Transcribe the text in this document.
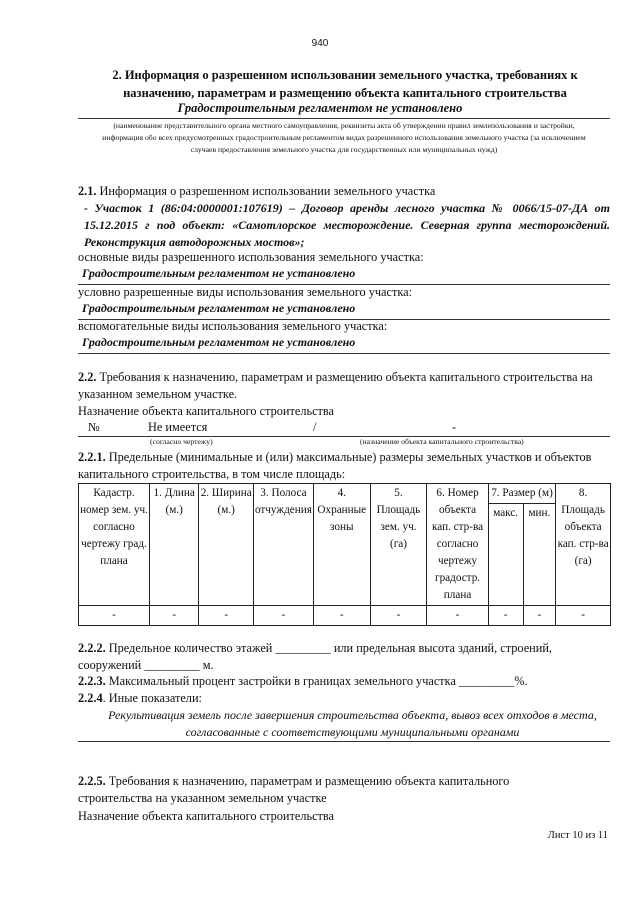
940
2. Информация о разрешенном использовании земельного участка, требованиях к назначению, параметрам и размещению объекта капитального строительства
Градостроительным регламентом не установлено
(наименование представительного органа местного самоуправления, реквизиты акта об утверждении правил землепользования и застройки, информация обо всех предусмотренных градостроительным регламентом видах разрешенного использования земельного участка (за исключением случаев предоставления земельного участка для государственных или муниципальных нужд)
2.1. Информация о разрешенном использовании земельного участка
- Участок 1 (86:04:0000001:107619) – Договор аренды лесного участка № 0066/15-07-ДА от 15.12.2015 г под объект: «Самотлорское месторождение. Северная группа месторождений. Реконструкция автодорожных мостов»;
основные виды разрешенного использования земельного участка:
Градостроительным регламентом не установлено
условно разрешенные виды использования земельного участка:
Градостроительным регламентом не установлено
вспомогательные виды использования земельного участка:
Градостроительным регламентом не установлено
2.2. Требования к назначению, параметрам и размещению объекта капитального строительства на указанном земельном участке.
Назначение объекта капитального строительства
№	Не имеется	/	-
(согласно чертежу)	(назначение объекта капитального строительства)
2.2.1. Предельные (минимальные и (или) максимальные) размеры земельных участков и объектов капитального строительства, в том числе площадь:
Кадастр. номер зем. уч. согласно чертежу град. плана	1. Длина (м.)	2. Ширина (м.)	3. Полоса отчуждения	4. Охранные зоны	5. Площадь зем. уч. (га)	6. Номер объекта кап. стр-ва согласно чертежу градостр. плана	7. Размер (м)		8. Площадь объекта кап. стр-ва (га)
							макс.	мин.	
-	-	-	-	-	-	-	-	-	-
2.2.2. Предельное количество этажей _________ или предельная высота зданий, строений, сооружений _________ м.
2.2.3. Максимальный процент застройки в границах земельного участка _________%.
2.2.4. Иные показатели:
Рекультивация земель после завершения строительства объекта, вывоз всех отходов в места, согласованные с соответствующими муниципальными органами
2.2.5. Требования к назначению, параметрам и размещению объекта капитального строительства на указанном земельном участке
Назначение объекта капитального строительства
Лист 10 из 11
